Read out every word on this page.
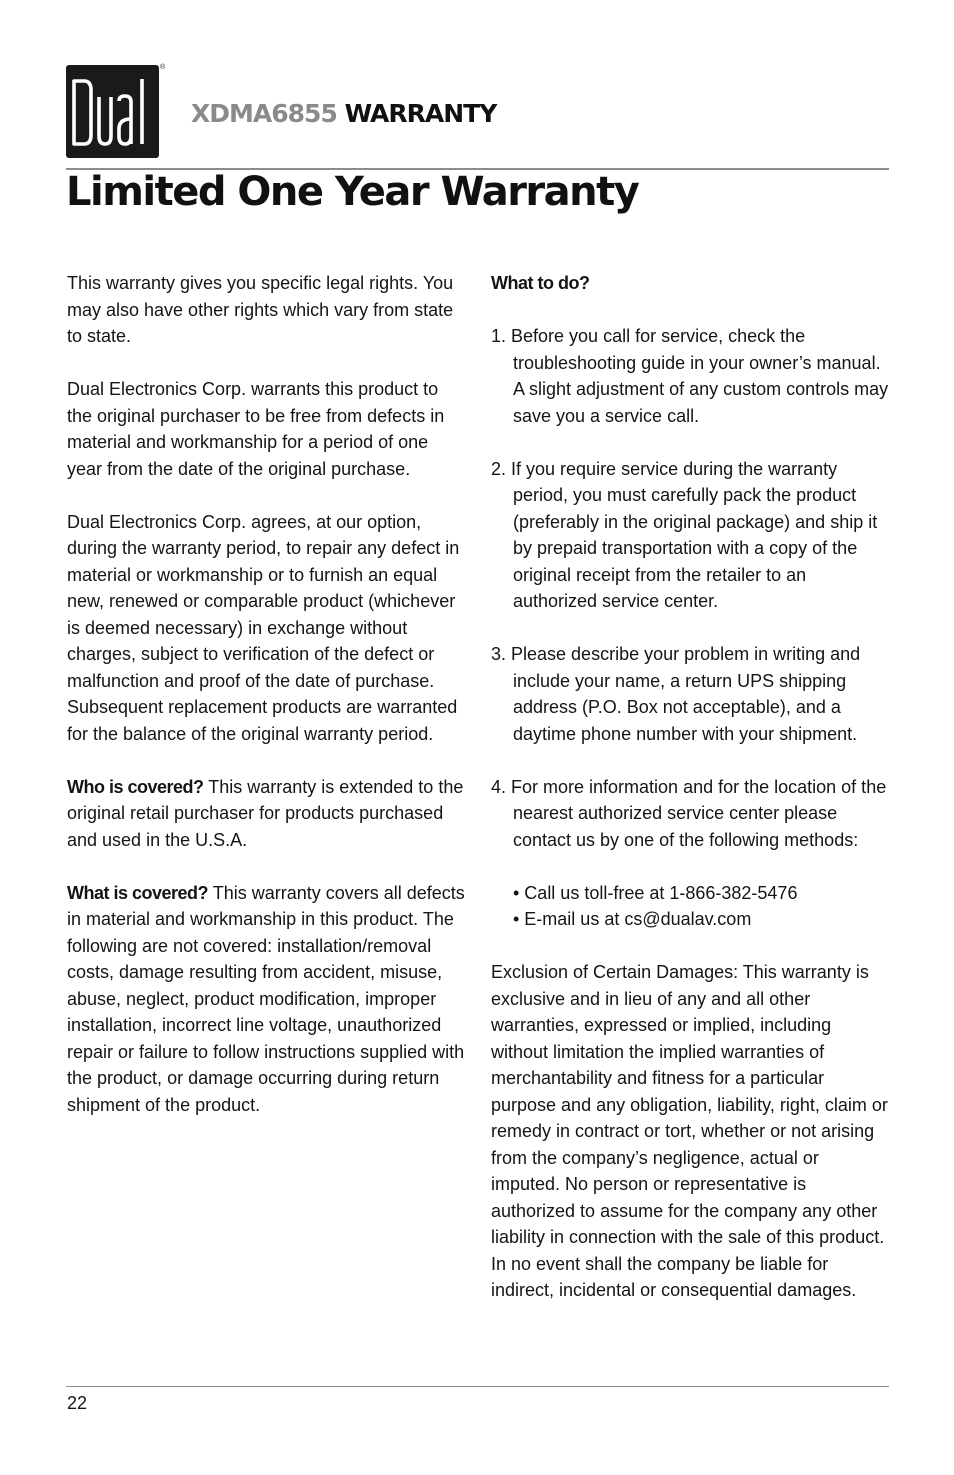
®
XDMA6855 WARRANTY
Limited One Year Warranty

This warranty gives you specific legal rights. You may also have other rights which vary from state to state.

Dual Electronics Corp. warrants this product to the original purchaser to be free from defects in material and workmanship for a period of one year from the date of the original purchase.

Dual Electronics Corp. agrees, at our option, during the warranty period, to repair any defect in material or workmanship or to furnish an equal new, renewed or comparable product (whichever is deemed necessary) in exchange without charges, subject to verification of the defect or malfunction and proof of the date of purchase. Subsequent replacement products are warranted for the balance of the original warranty period.

Who is covered? This warranty is extended to the original retail purchaser for products purchased and used in the U.S.A.

What is covered? This warranty covers all defects in material and workmanship in this product. The following are not covered: installation/removal costs, damage resulting from accident, misuse, abuse, neglect, product modification, improper installation, incorrect line voltage, unauthorized repair or failure to follow instructions supplied with the product, or damage occurring during return shipment of the product.

What to do?

1. Before you call for service, check the troubleshooting guide in your owner’s manual. A slight adjustment of any custom controls may save you a service call.
2. If you require service during the warranty period, you must carefully pack the product (preferably in the original package) and ship it by prepaid transportation with a copy of the original receipt from the retailer to an authorized service center.
3. Please describe your problem in writing and include your name, a return UPS shipping address (P.O. Box not acceptable), and a daytime phone number with your shipment.
4. For more information and for the location of the nearest authorized service center please contact us by one of the following methods:
• Call us toll-free at 1-866-382-5476
• E-mail us at cs@dualav.com

Exclusion of Certain Damages: This warranty is exclusive and in lieu of any and all other warranties, expressed or implied, including without limitation the implied warranties of merchantability and fitness for a particular purpose and any obligation, liability, right, claim or remedy in contract or tort, whether or not arising from the company’s negligence, actual or imputed. No person or representative is authorized to assume for the company any other liability in connection with the sale of this product. In no event shall the company be liable for indirect, incidental or consequential damages.

22
